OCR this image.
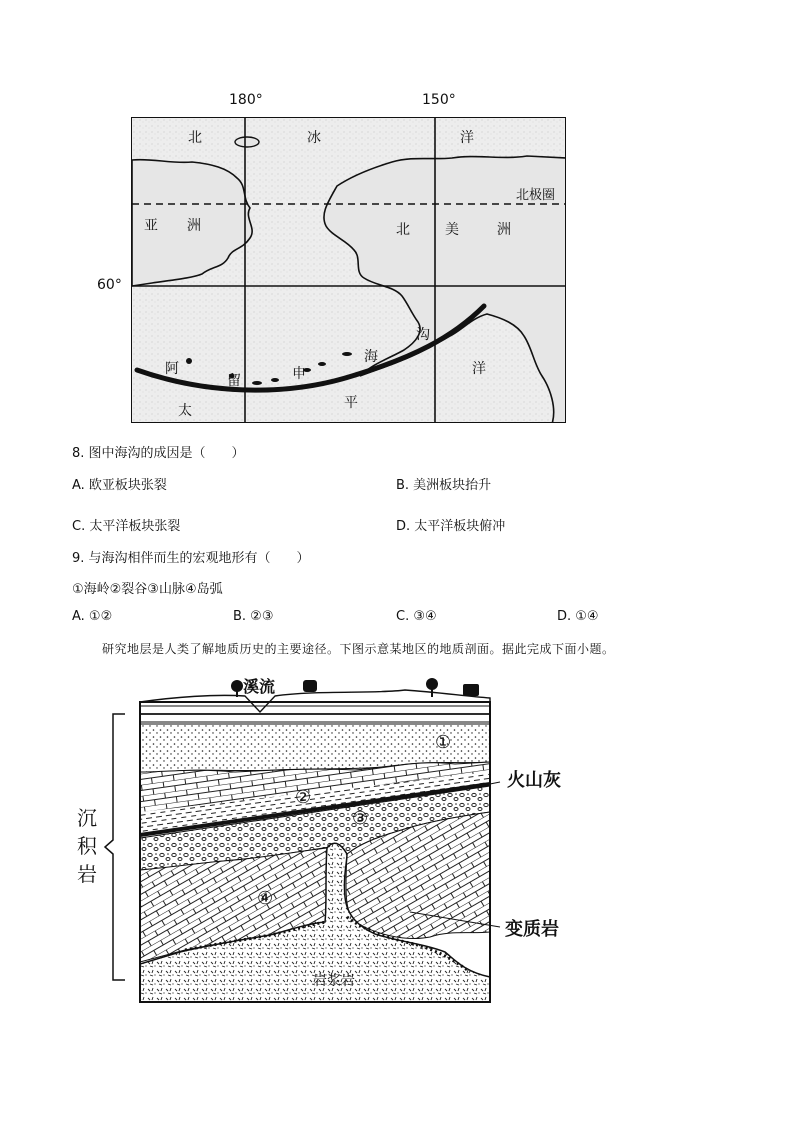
180°	150°
60°
北	冰	洋
北极圈
亚 洲	北	美	洲
阿
留	申
海
沟
太	平
洋
8. 图中海沟的成因是（　　）
A. 欧亚板块张裂	B. 美洲板块抬升
C. 太平洋板块张裂	D. 太平洋板块俯冲
9. 与海沟相伴而生的宏观地形有（　　）
①海岭②裂谷③山脉④岛弧
A. ①②	B. ②③	C. ③④	D. ①④
研究地层是人类了解地质历史的主要途径。下图示意某地区的地质剖面。据此完成下面小题。
溪流
火山灰
沉
积
岩
变质岩
岩浆岩
①
②
③
④
